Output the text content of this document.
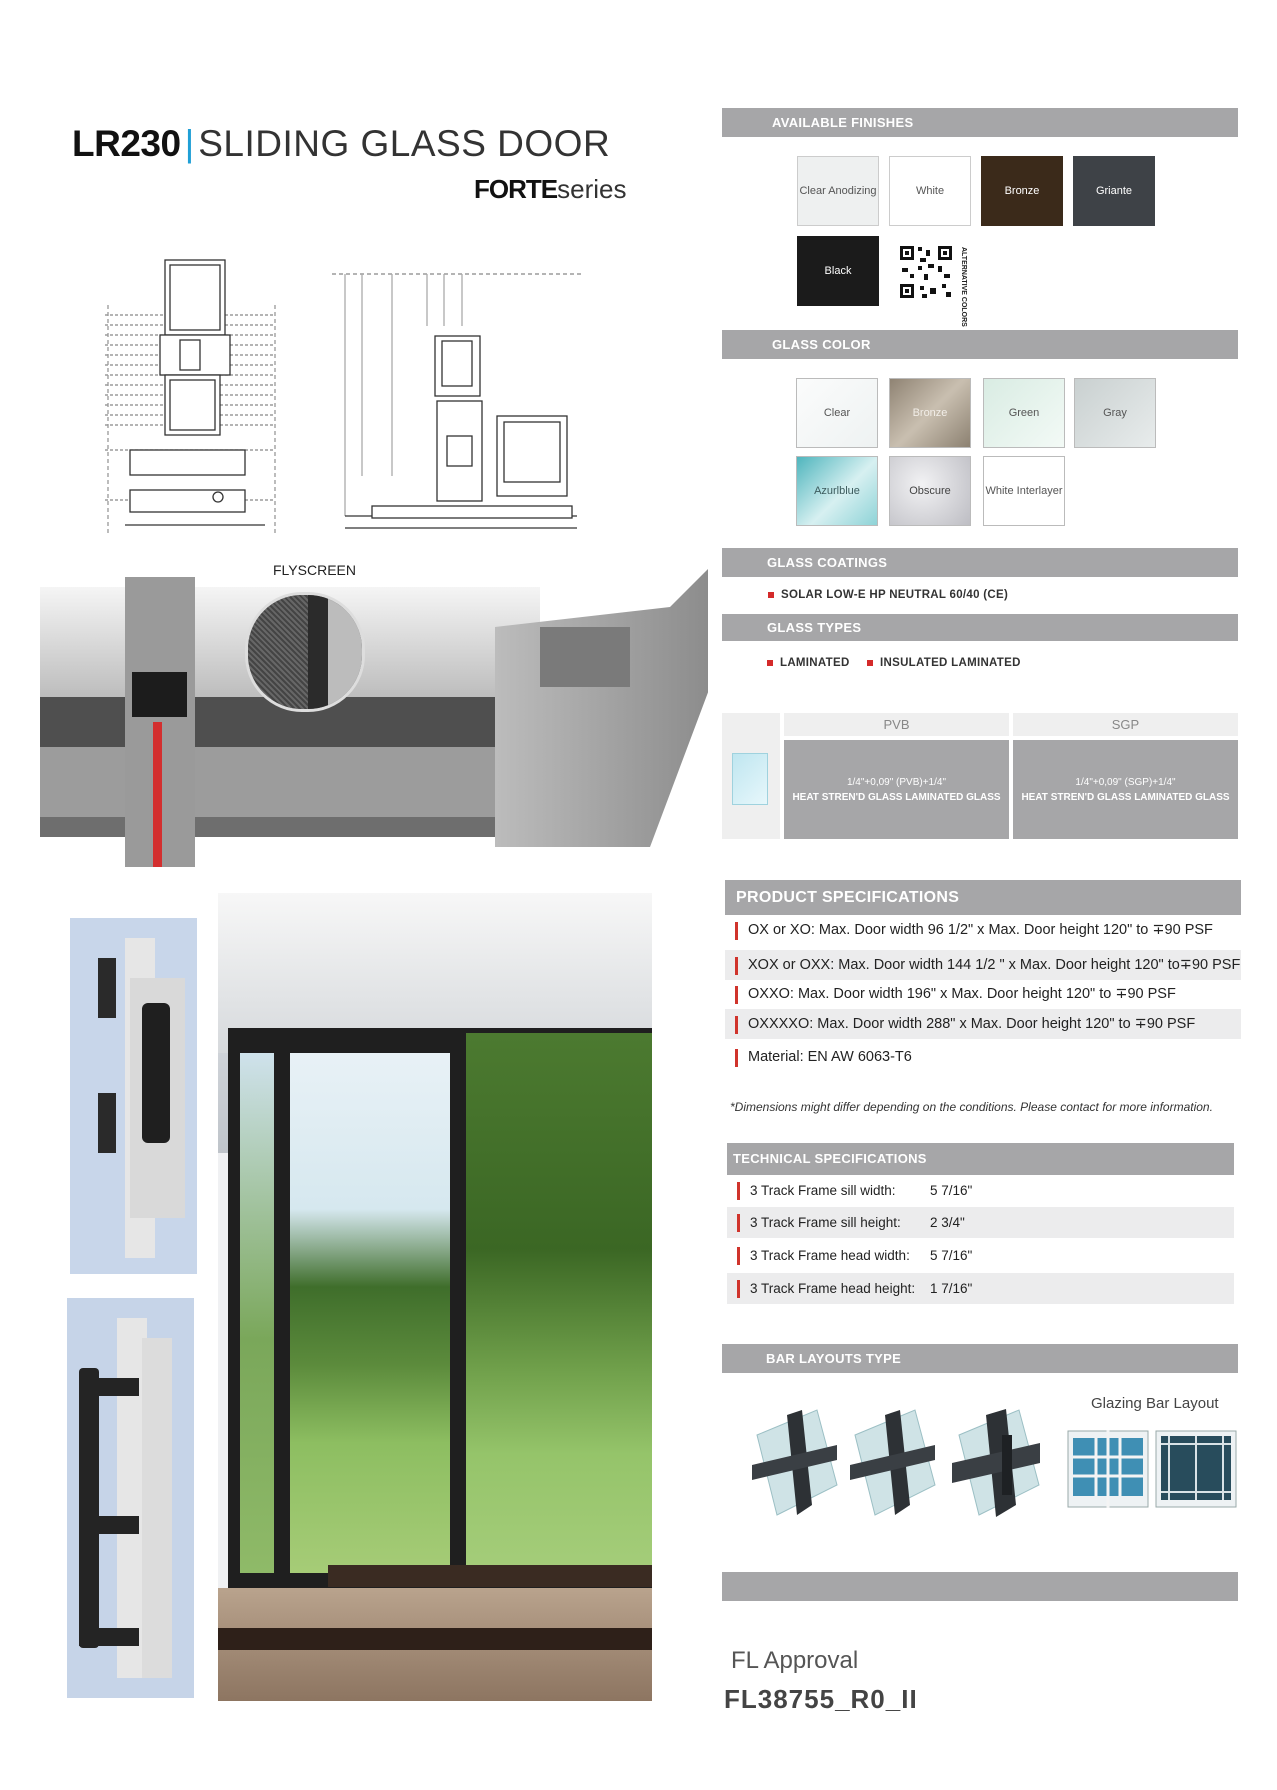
LR230 | SLIDING GLASS DOOR
FORTEseries
FLYSCREEN
AVAILABLE FINISHES
Clear Anodizing	White	Bronze	Griante
Black	ALTERNATIVE COLORS
GLASS COLOR
Clear	Bronze	Green	Gray
Azurlblue	Obscure	White Interlayer
GLASS COATINGS
SOLAR LOW-E HP NEUTRAL 60/40 (CE)
GLASS TYPES
LAMINATED	INSULATED LAMINATED
PVB	SGP
1/4"+0,09" (PVB)+1/4"
HEAT STREN'D GLASS LAMINATED GLASS
1/4"+0,09" (SGP)+1/4"
HEAT STREN'D GLASS LAMINATED GLASS
PRODUCT SPECIFICATIONS
OX or XO: Max. Door width 96 1/2" x Max. Door height 120" to ∓90 PSF
XOX or OXX: Max. Door width 144 1/2 " x Max. Door height 120" to∓90 PSF
OXXO: Max. Door width 196" x Max. Door height 120" to ∓90 PSF
OXXXXO: Max. Door width 288" x Max. Door height 120" to ∓90 PSF
Material: EN AW 6063-T6
*Dimensions might differ depending on the conditions. Please contact for more information.
TECHNICAL SPECIFICATIONS
3 Track Frame sill width:	5 7/16"
3 Track Frame sill height: 2 3/4"
3 Track Frame head width: 5 7/16"
3 Track Frame head height: 1 7/16"
BAR LAYOUTS TYPE
Glazing Bar Layout
FL Approval
FL38755_R0_II
